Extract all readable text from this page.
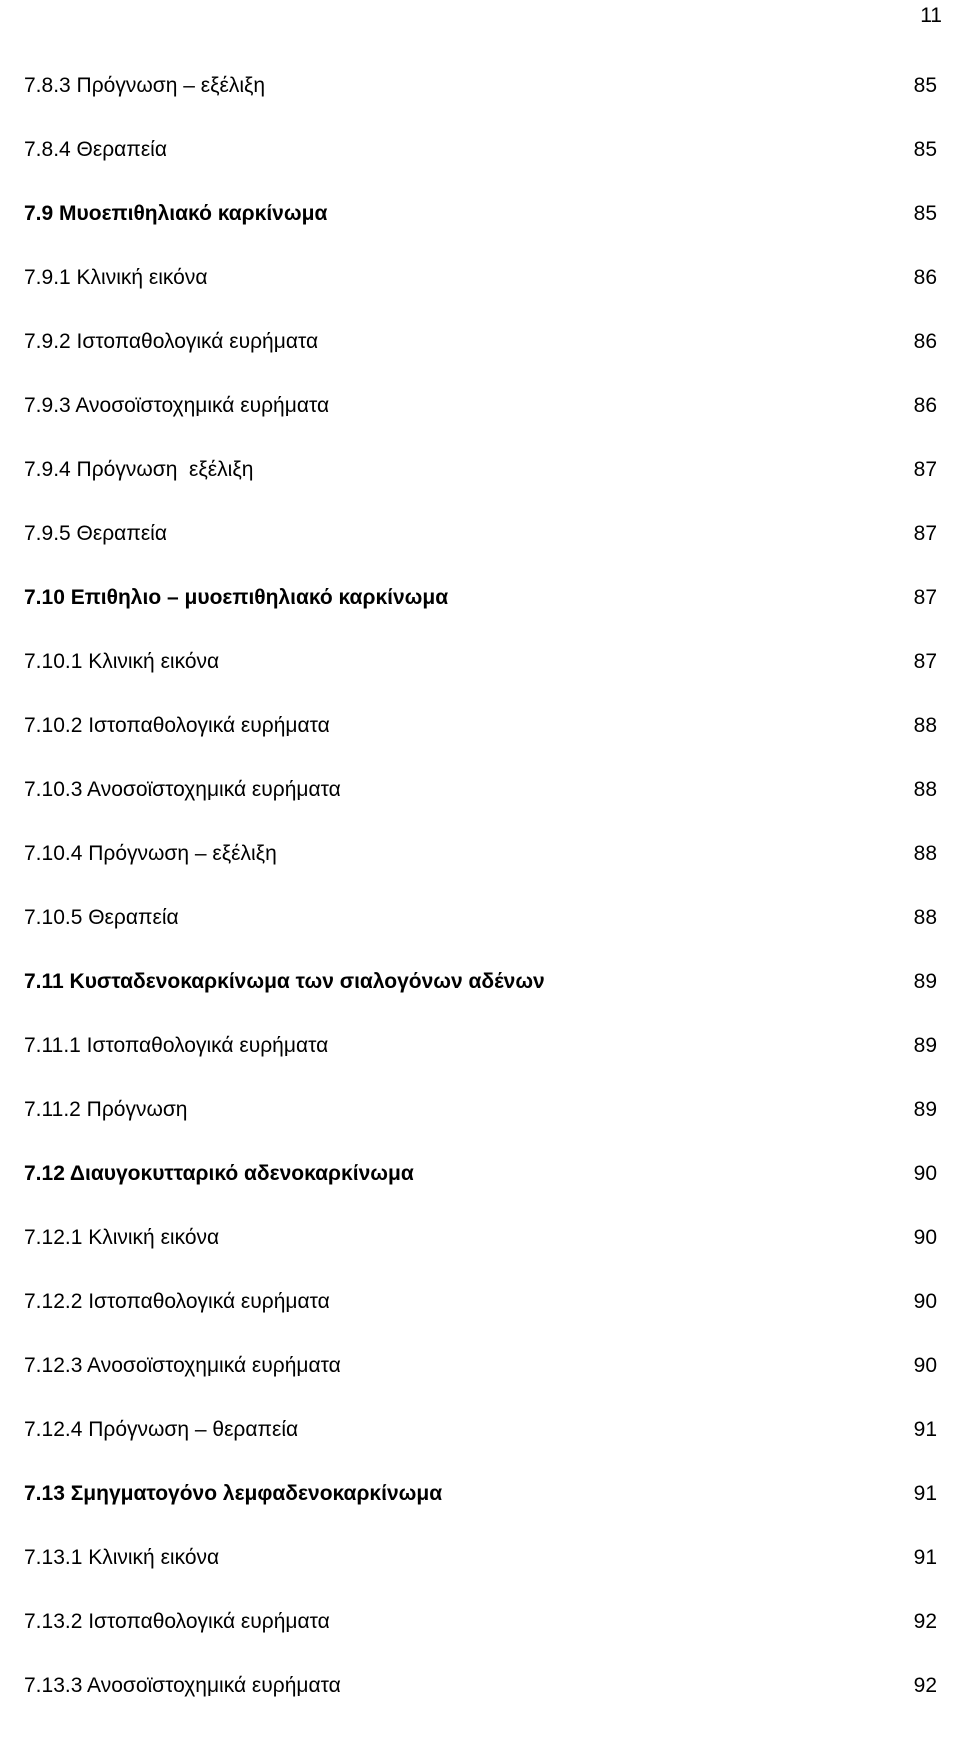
11
7.8.3 Πρόγνωση – εξέλιξη	85
7.8.4 Θεραπεία	85
7.9 Μυοεπιθηλιακό καρκίνωμα	85
7.9.1 Κλινική εικόνα	86
7.9.2 Ιστοπαθολογικά ευρήματα	86
7.9.3 Ανοσοϊστοχημικά ευρήματα	86
7.9.4 Πρόγνωση  εξέλιξη	87
7.9.5 Θεραπεία	87
7.10 Επιθηλιο – μυοεπιθηλιακό καρκίνωμα	87
7.10.1 Κλινική εικόνα	87
7.10.2 Ιστοπαθολογικά ευρήματα	88
7.10.3 Ανοσοϊστοχημικά ευρήματα	88
7.10.4 Πρόγνωση – εξέλιξη	88
7.10.5 Θεραπεία	88
7.11 Κυσταδενοκαρκίνωμα των σιαλογόνων αδένων	89
7.11.1 Ιστοπαθολογικά ευρήματα	89
7.11.2 Πρόγνωση	89
7.12 Διαυγοκυτταρικό αδενοκαρκίνωμα	90
7.12.1 Κλινική εικόνα	90
7.12.2 Ιστοπαθολογικά ευρήματα	90
7.12.3 Ανοσοϊστοχημικά ευρήματα	90
7.12.4 Πρόγνωση – θεραπεία	91
7.13 Σμηγματογόνο λεμφαδενοκαρκίνωμα	91
7.13.1 Κλινική εικόνα	91
7.13.2 Ιστοπαθολογικά ευρήματα	92
7.13.3 Ανοσοϊστοχημικά ευρήματα	92
